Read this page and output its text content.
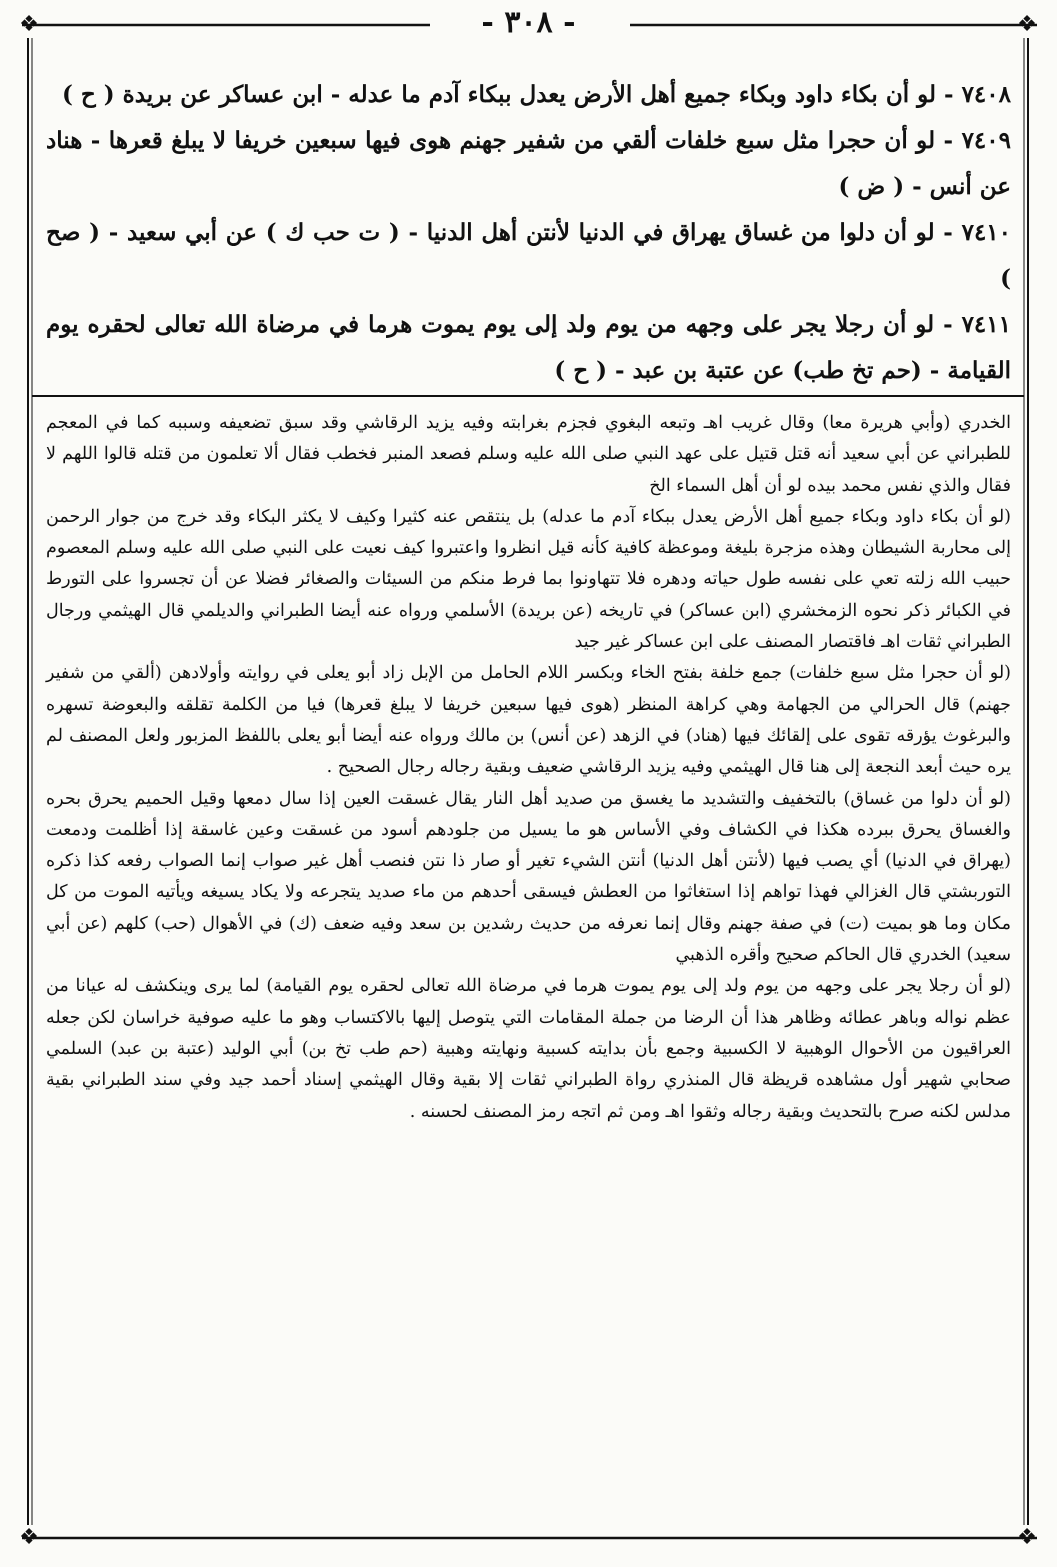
❖	❖
❖	❖
- ٣٠٨ -

٧٤٠٨ - لو أن بكاء داود وبكاء جميع أهل الأرض يعدل ببكاء آدم ما عدله - ابن عساكر عن بريدة ( ح )

٧٤٠٩ - لو أن حجرا مثل سبع خلفات ألقي من شفير جهنم هوى فيها سبعين خريفا لا يبلغ قعرها - هناد عن أنس - ( ض )

٧٤١٠ - لو أن دلوا من غساق يهراق في الدنيا لأنتن أهل الدنيا - ( ت حب ك ) عن أبي سعيد - ( صح )

٧٤١١ - لو أن رجلا يجر على وجهه من يوم ولد إلى يوم يموت هرما في مرضاة الله تعالى لحقره يوم القيامة - (حم تخ طب) عن عتبة بن عبد - ( ح )

الخدري (وأبي هريرة معا) وقال غريب اهـ وتبعه البغوي فجزم بغرابته وفيه يزيد الرقاشي وقد سبق تضعيفه وسببه كما في المعجم للطبراني عن أبي سعيد أنه قتل قتيل على عهد النبي صلى الله عليه وسلم فصعد المنبر فخطب فقال ألا تعلمون من قتله قالوا اللهم لا فقال والذي نفس محمد بيده لو أن أهل السماء الخ

(لو أن بكاء داود وبكاء جميع أهل الأرض يعدل ببكاء آدم ما عدله) بل ينتقص عنه كثيرا وكيف لا يكثر البكاء وقد خرج من جوار الرحمن إلى محاربة الشيطان وهذه مزجرة بليغة وموعظة كافية كأنه قيل انظروا واعتبروا كيف نعيت على النبي صلى الله عليه وسلم المعصوم حبيب الله زلته تعي على نفسه طول حياته ودهره فلا تتهاونوا بما فرط منكم من السيئات والصغائر فضلا عن أن تجسروا على التورط في الكبائر ذكر نحوه الزمخشري (ابن عساكر) في تاريخه (عن بريدة) الأسلمي ورواه عنه أيضا الطبراني والديلمي قال الهيثمي ورجال الطبراني ثقات اهـ فاقتصار المصنف على ابن عساكر غير جيد

(لو أن حجرا مثل سبع خلفات) جمع خلفة بفتح الخاء وبكسر اللام الحامل من الإبل زاد أبو يعلى في روايته وأولادهن (ألقي من شفير جهنم) قال الحرالي من الجهامة وهي كراهة المنظر (هوى فيها سبعين خريفا لا يبلغ قعرها) فيا من الكلمة تقلقه والبعوضة تسهره والبرغوث يؤرقه تقوى على إلقائك فيها (هناد) في الزهد (عن أنس) بن مالك ورواه عنه أيضا أبو يعلى باللفظ المزبور ولعل المصنف لم يره حيث أبعد النجعة إلى هنا قال الهيثمي وفيه يزيد الرقاشي ضعيف وبقية رجاله رجال الصحيح .

(لو أن دلوا من غساق) بالتخفيف والتشديد ما يغسق من صديد أهل النار يقال غسقت العين إذا سال دمعها وقيل الحميم يحرق بحره والغساق يحرق ببرده هكذا في الكشاف وفي الأساس هو ما يسيل من جلودهم أسود من غسقت وعين غاسقة إذا أظلمت ودمعت (يهراق في الدنيا) أي يصب فيها (لأنتن أهل الدنيا) أنتن الشيء تغير أو صار ذا نتن فنصب أهل غير صواب إنما الصواب رفعه كذا ذكره التوربشتي قال الغزالي فهذا تواهم إذا استغاثوا من العطش فيسقى أحدهم من ماء صديد يتجرعه ولا يكاد يسيغه ويأتيه الموت من كل مكان وما هو بميت (ت) في صفة جهنم وقال إنما نعرفه من حديث رشدين بن سعد وفيه ضعف (ك) في الأهوال (حب) كلهم (عن أبي سعيد) الخدري قال الحاكم صحيح وأقره الذهبي

(لو أن رجلا يجر على وجهه من يوم ولد إلى يوم يموت هرما في مرضاة الله تعالى لحقره يوم القيامة) لما يرى وينكشف له عيانا من عظم نواله وباهر عطائه وظاهر هذا أن الرضا من جملة المقامات التي يتوصل إليها بالاكتساب وهو ما عليه صوفية خراسان لكن جعله العراقيون من الأحوال الوهبية لا الكسبية وجمع بأن بدايته كسبية ونهايته وهبية (حم طب تخ بن) أبي الوليد (عتبة بن عبد) السلمي صحابي شهير أول مشاهده قريظة قال المنذري رواة الطبراني ثقات إلا بقية وقال الهيثمي إسناد أحمد جيد وفي سند الطبراني بقية مدلس لكنه صرح بالتحديث وبقية رجاله وثقوا اهـ ومن ثم اتجه رمز المصنف لحسنه .
